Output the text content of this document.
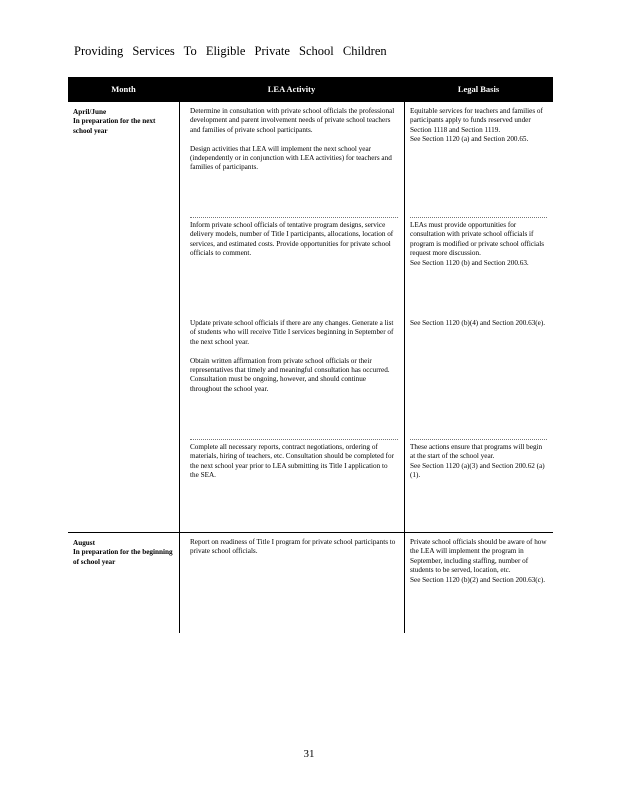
Providing Services To Eligible Private School Children
Month	LEA Activity	Legal Basis
April/June
In preparation for the next school year
Determine in consultation with private school officials the professional development and parent involvement needs of private school teachers and families of private school participants.

Design activities that LEA will implement the next school year (independently or in conjunction with LEA activities) for teachers and families of participants.
Inform private school officials of tentative program designs, service delivery models, number of Title I participants, allocations, location of services, and estimated costs. Provide opportunities for private school officials to comment.
Update private school officials if there are any changes. Generate a list of students who will receive Title I services beginning in September of the next school year.

Obtain written affirmation from private school officials or their representatives that timely and meaningful consultation has occurred. Consultation must be ongoing, however, and should continue throughout the school year.
Complete all necessary reports, contract negotiations, ordering of materials, hiring of teachers, etc. Consultation should be completed for the next school year prior to LEA submitting its Title I application to the SEA.
Equitable services for teachers and families of participants apply to funds reserved under Section 1118 and Section 1119.
See Section 1120 (a) and Section 200.65.
LEAs must provide opportunities for consultation with private school officials if program is modified or private school officials request more discussion.
See Section 1120 (b) and Section 200.63.
See Section 1120 (b)(4) and Section 200.63(e).
These actions ensure that programs will begin at the start of the school year.
See Section 1120 (a)(3) and Section 200.62 (a)(1).
August
In preparation for the beginning of school year
Report on readiness of Title I program for private school participants to private school officials.
Private school officials should be aware of how the LEA will implement the program in September, including staffing, number of students to be served, location, etc.
See Section 1120 (b)(2) and Section 200.63(c).
31
